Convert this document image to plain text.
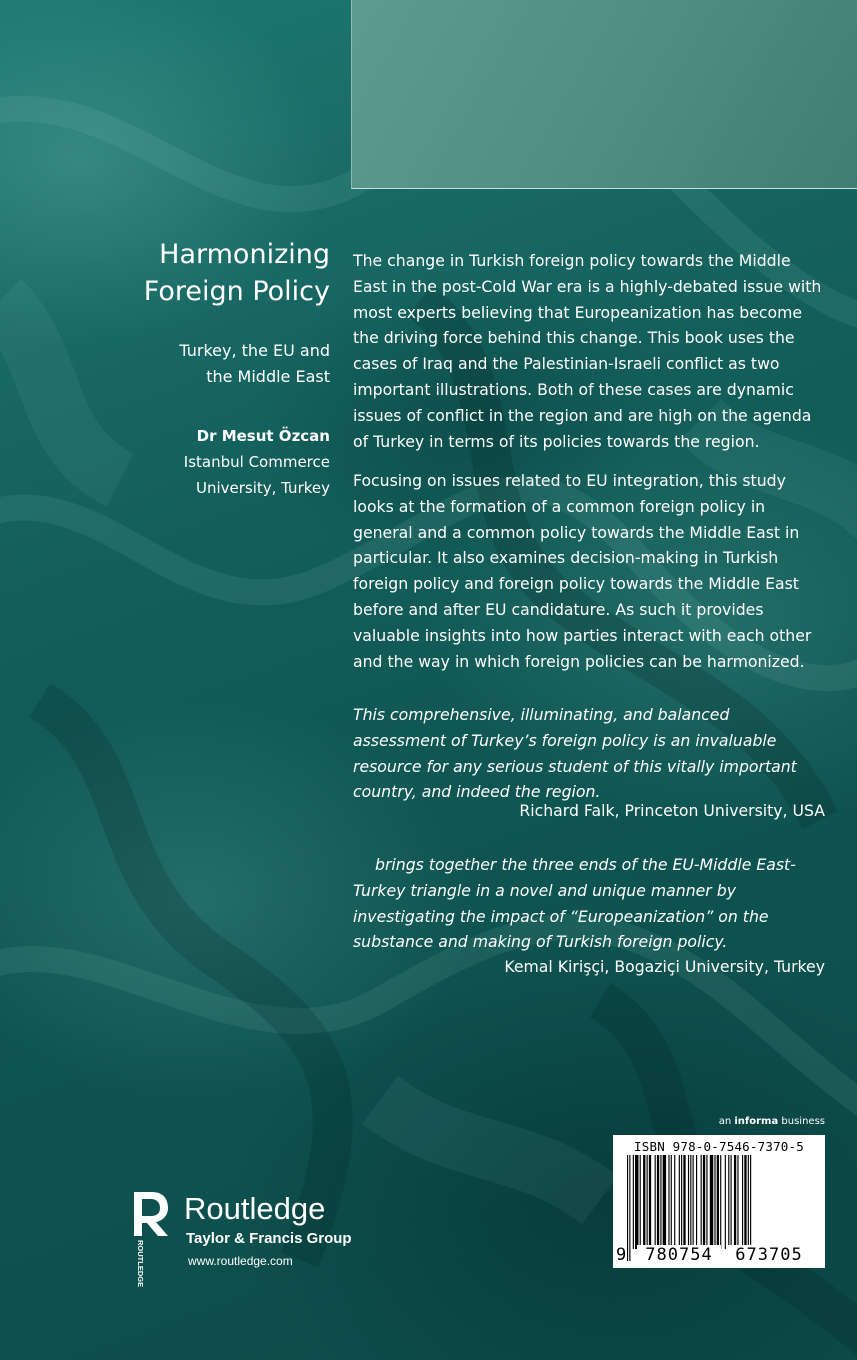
Harmonizing
Foreign Policy
Turkey, the EU and
the Middle East
Dr Mesut Özcan
Istanbul Commerce
University, Turkey

The change in Turkish foreign policy towards the Middle East in the post-Cold War era is a highly-debated issue with most experts believing that Europeanization has become the driving force behind this change. This book uses the cases of Iraq and the Palestinian-Israeli conflict as two important illustrations. Both of these cases are dynamic issues of conflict in the region and are high on the agenda of Turkey in terms of its policies towards the region.

Focusing on issues related to EU integration, this study looks at the formation of a common foreign policy in general and a common policy towards the Middle East in particular. It also examines decision-making in Turkish foreign policy and foreign policy towards the Middle East before and after EU candidature. As such it provides valuable insights into how parties interact with each other and the way in which foreign policies can be harmonized.

This comprehensive, illuminating, and balanced assessment of Turkey’s foreign policy is an invaluable resource for any serious student of this vitally important country, and indeed the region.

Richard Falk, Princeton University, USA

brings together the three ends of the EU-Middle East- Turkey triangle in a novel and unique manner by investigating the impact of “Europeanization” on the substance and making of Turkish foreign policy.

Kemal Kirişçi, Bogaziçi University, Turkey
an informa business
ISBN 978-0-7546-7370-5
9	780754	673705
ROUTLEDGE
Routledge
Taylor & Francis Group
www.routledge.com
